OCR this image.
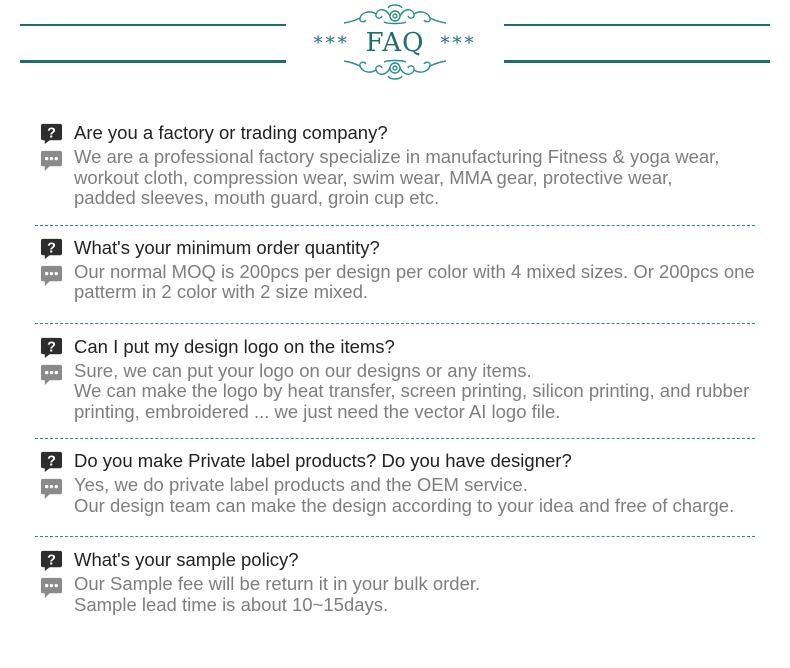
*** FAQ ***
? Are you a factory or trading company?
We are a professional factory specialize in manufacturing Fitness & yoga wear,
workout cloth, compression wear, swim wear, MMA gear, protective wear,
padded sleeves, mouth guard, groin cup etc.
? What's your minimum order quantity?
Our normal MOQ is 200pcs per design per color with 4 mixed sizes. Or 200pcs one
patterm in 2 color with 2 size mixed.
? Can I put my design logo on the items?
Sure, we can put your logo on our designs or any items.
We can make the logo by heat transfer, screen printing, silicon printing, and rubber
printing, embroidered ... we just need the vector AI logo file.
? Do you make Private label products? Do you have designer?
Yes, we do private label products and the OEM service.
Our design team can make the design according to your idea and free of charge.
? What's your sample policy?
Our Sample fee will be return it in your bulk order.
Sample lead time is about 10~15days.
